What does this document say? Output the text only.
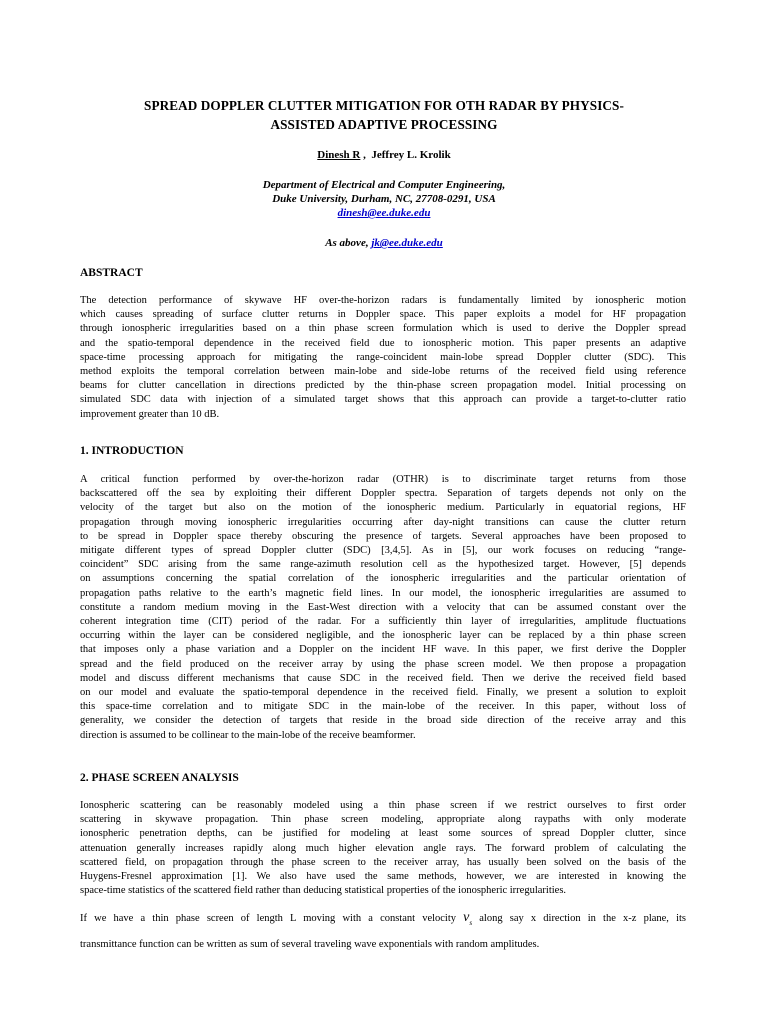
SPREAD DOPPLER CLUTTER MITIGATION FOR OTH RADAR BY PHYSICS-
ASSISTED ADAPTIVE PROCESSING
Dinesh R ,  Jeffrey L. Krolik
Department of Electrical and Computer Engineering,
Duke University, Durham, NC, 27708-0291, USA
dinesh@ee.duke.edu
As above, jk@ee.duke.edu
ABSTRACT
The detection performance of skywave HF over-the-horizon radars is fundamentally limited by ionospheric motion
which causes spreading of surface clutter returns in Doppler space. This paper exploits a model for HF propagation
through ionospheric irregularities based on a thin phase screen formulation which is used to derive the Doppler spread
and the spatio-temporal dependence in the received field due to ionospheric motion. This paper presents an adaptive
space-time processing approach for mitigating the range-coincident main-lobe spread Doppler clutter (SDC). This
method exploits the temporal correlation between main-lobe and side-lobe returns of the received field using reference
beams for clutter cancellation in directions predicted by the thin-phase screen propagation model. Initial processing on
simulated SDC data with injection of a simulated target shows that this approach can provide a target-to-clutter ratio
improvement greater than 10 dB.
1. INTRODUCTION
A critical function performed by over-the-horizon radar (OTHR) is to discriminate target returns from those
backscattered off the sea by exploiting their different Doppler spectra. Separation of targets depends not only on the
velocity of the target but also on the motion of the ionospheric medium. Particularly in equatorial regions, HF
propagation through moving ionospheric irregularities occurring after day-night transitions can cause the clutter return
to be spread in Doppler space thereby obscuring the presence of targets. Several approaches have been proposed to
mitigate different types of spread Doppler clutter (SDC) [3,4,5]. As in [5], our work focuses on reducing “range-
coincident” SDC arising from the same range-azimuth resolution cell as the hypothesized target. However, [5] depends
on assumptions concerning the spatial correlation of the ionospheric irregularities and the particular orientation of
propagation paths relative to the earth’s magnetic field lines. In our model, the ionospheric irregularities are assumed to
constitute a random medium moving in the East-West direction with a velocity that can be assumed constant over the
coherent integration time (CIT) period of the radar. For a sufficiently thin layer of irregularities, amplitude fluctuations
occurring within the layer can be considered negligible, and the ionospheric layer can be replaced by a thin phase screen
that imposes only a phase variation and a Doppler on the incident HF wave. In this paper, we first derive the Doppler
spread and the field produced on the receiver array by using the phase screen model. We then propose a propagation
model and discuss different mechanisms that cause SDC in the received field. Then we derive the received field based
on our model and evaluate the spatio-temporal dependence in the received field. Finally, we present a solution to exploit
this space-time correlation and to mitigate SDC in the main-lobe of the receiver. In this paper, without loss of
generality, we consider the detection of targets that reside in the broad side direction of the receive array and this
direction is assumed to be collinear to the main-lobe of the receive beamformer.
2. PHASE SCREEN ANALYSIS
Ionospheric scattering can be reasonably modeled using a thin phase screen if we restrict ourselves to first order
scattering in skywave propagation. Thin phase screen modeling, appropriate along raypaths with only moderate
ionospheric penetration depths, can be justified for modeling at least some sources of spread Doppler clutter, since
attenuation generally increases rapidly along much higher elevation angle rays. The forward problem of calculating the
scattered field, on propagation through the phase screen to the receiver array, has usually been solved on the basis of the
Huygens-Fresnel approximation [1]. We also have used the same methods, however, we are interested in knowing the
space-time statistics of the scattered field rather than deducing statistical properties of the ionospheric irregularities.
If we have a thin phase screen of length L moving with a constant velocity $v_s$ along say x direction in the x-z plane, its
transmittance function can be written as sum of several traveling wave exponentials with random amplitudes.
